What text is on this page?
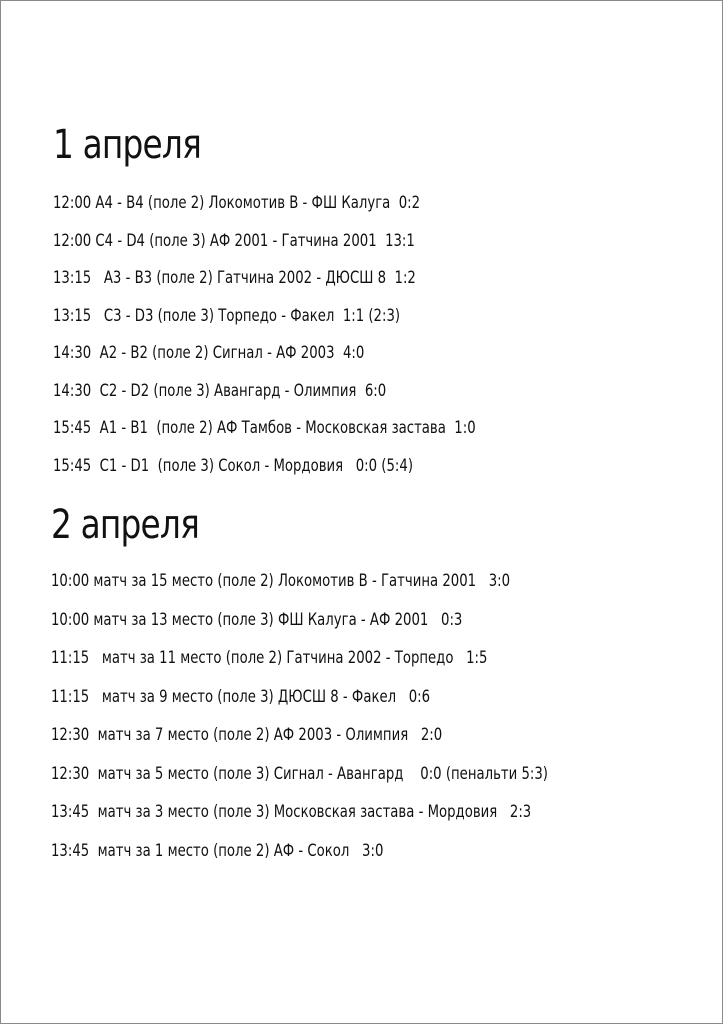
1 апреля
12:00 A4 - B4 (поле 2) Локомотив В - ФШ Калуга  0:2
12:00 C4 - D4 (поле 3) АФ 2001 - Гатчина 2001  13:1
13:15   A3 - B3 (поле 2) Гатчина 2002 - ДЮСШ 8  1:2
13:15   C3 - D3 (поле 3) Торпедо - Факел  1:1 (2:3)
14:30  A2 - B2 (поле 2) Сигнал - АФ 2003  4:0
14:30  C2 - D2 (поле 3) Авангард - Олимпия  6:0
15:45  A1 - B1  (поле 2) АФ Тамбов - Московская застава  1:0
15:45  C1 - D1  (поле 3) Сокол - Мордовия   0:0 (5:4)
2 апреля
10:00 матч за 15 место (поле 2) Локомотив В - Гатчина 2001   3:0
10:00 матч за 13 место (поле 3) ФШ Калуга - АФ 2001   0:3
11:15   матч за 11 место (поле 2) Гатчина 2002 - Торпедо   1:5
11:15   матч за 9 место (поле 3) ДЮСШ 8 - Факел   0:6
12:30  матч за 7 место (поле 2) АФ 2003 - Олимпия   2:0
12:30  матч за 5 место (поле 3) Сигнал - Авангард    0:0 (пенальти 5:3)
13:45  матч за 3 место (поле 3) Московская застава - Мордовия   2:3
13:45  матч за 1 место (поле 2) АФ - Сокол   3:0
